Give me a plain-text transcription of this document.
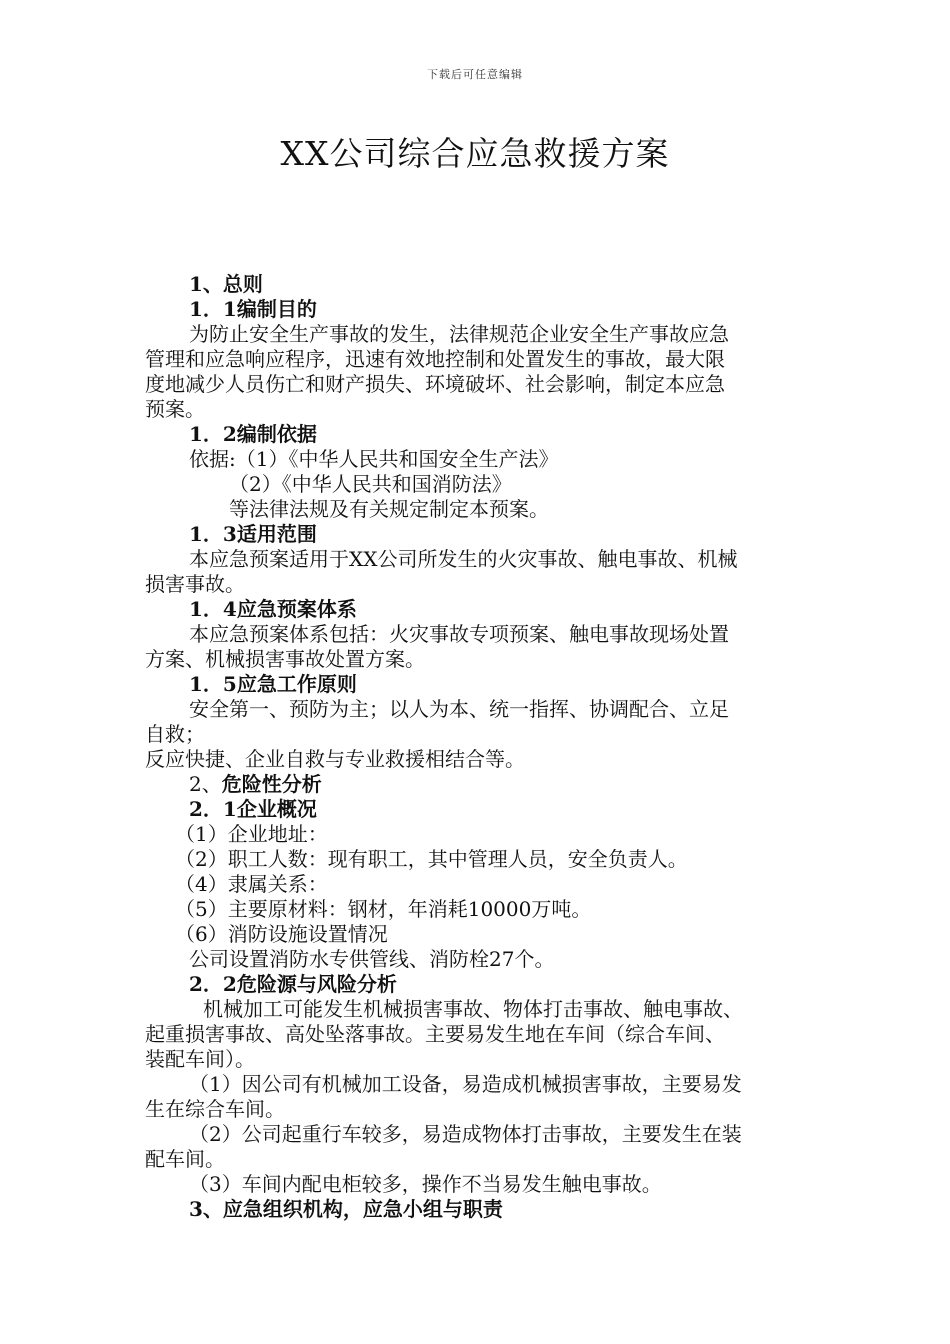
下载后可任意编辑
XX公司综合应急救援方案
1、总则
1．1编制目的
为防止安全生产事故的发生，法律规范企业安全生产事故应急
管理和应急响应程序，迅速有效地控制和处置发生的事故，最大限
度地减少人员伤亡和财产损失、环境破坏、社会影响，制定本应急
预案。
1．2编制依据
依据:（1）《中华人民共和国安全生产法》
（2）《中华人民共和国消防法》
等法律法规及有关规定制定本预案。
1．3适用范围
本应急预案适用于XX公司所发生的火灾事故、触电事故、机械
损害事故。
1．4应急预案体系
本应急预案体系包括：火灾事故专项预案、触电事故现场处置
方案、机械损害事故处置方案。
1．5应急工作原则
安全第一、预防为主；以人为本、统一指挥、协调配合、立足
自救；
反应快捷、企业自救与专业救援相结合等。
2、危险性分析
2．1企业概况
（1）企业地址：
（2）职工人数：现有职工，其中管理人员，安全负责人。
（4）隶属关系：
（5）主要原材料：钢材，年消耗10000万吨。
（6）消防设施设置情况
公司设置消防水专供管线、消防栓27个。
2．2危险源与风险分析
机械加工可能发生机械损害事故、物体打击事故、触电事故、
起重损害事故、高处坠落事故。主要易发生地在车间（综合车间、
装配车间）。
（1）因公司有机械加工设备，易造成机械损害事故，主要易发
生在综合车间。
（2）公司起重行车较多，易造成物体打击事故，主要发生在装
配车间。
（3）车间内配电柜较多，操作不当易发生触电事故。
3、应急组织机构，应急小组与职责
